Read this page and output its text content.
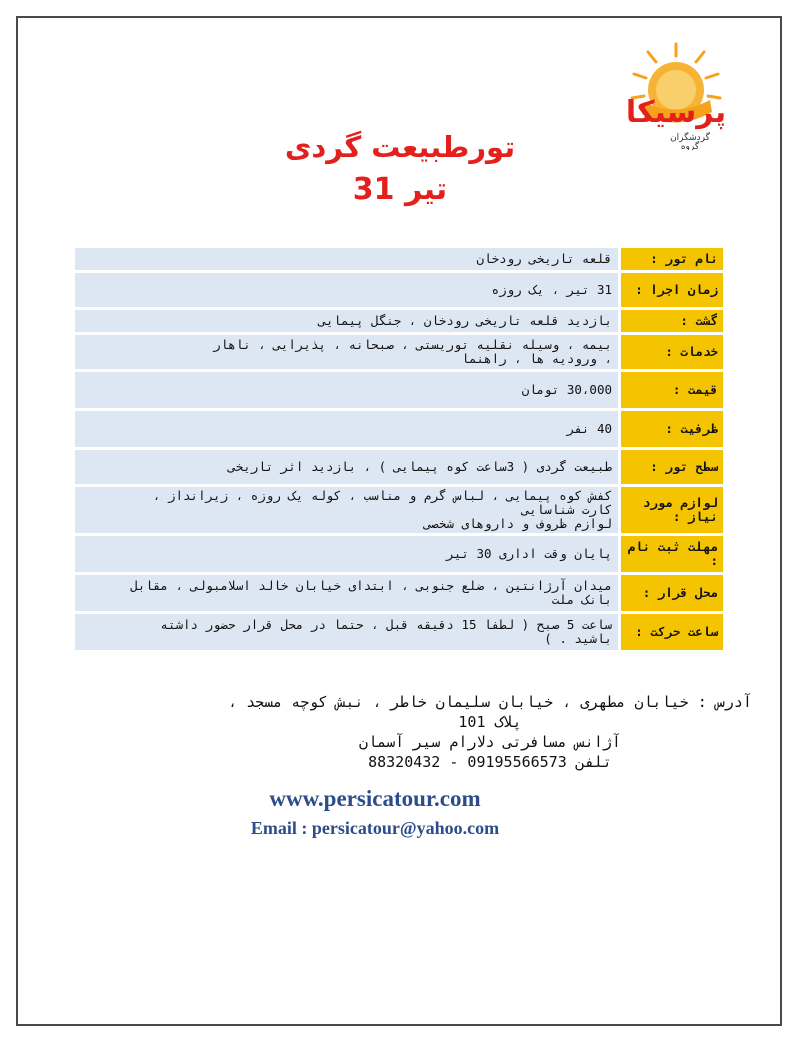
پرسیکا
گردشگران
گروه
تورطبیعت گردی
31 تیر
نام تور :	قلعه تاریخی رودخان

زمان اجرا :	31 تیر ، یک روزه

گشت :	بازدید قلعه تاریخی رودخان ، جنگل پیمایی

خدمات :	بیمه ، وسیله نقلیه توریستی ، صبحانه ، پذیرایی ، ناهار
، ورودیه ها ، راهنما

قیمت :	30،000 تومان

ظرفیت :	40 نفر

سطح تور :	طبیعت گردی ( 3ساعت کوه پیمایی ) ، بازدید اثر تاریخی

لوازم مورد نیاز :	کفش کوه پیمایی ، لباس گرم و مناسب ، کوله یک روزه ، زیرانداز ،
کارت شناسایی
لوازم ظروف و داروهای شخصی

مهلت ثبت نام :	پایان وقت اداری 30 تیر

محل قرار :	میدان آرژانتین ، ضلع جنوبی ، ابتدای خیابان خالد اسلامبولی ، مقابل
بانک ملت

ساعت حرکت :	ساعت 5 صبح ( لطفا 15 دقیقه قبل ، حتما در محل قرار حضور داشته
باشید . )
آدرس : خیابان مطهری ، خیابان سلیمان خاطر ، نبش کوچه مسجد ،
پلاک 101
آژانس مسافرتی دلارام سیر آسمان
تلفن 09195566573 - 88320432
www.persicatour.com
Email : persicatour@yahoo.com
